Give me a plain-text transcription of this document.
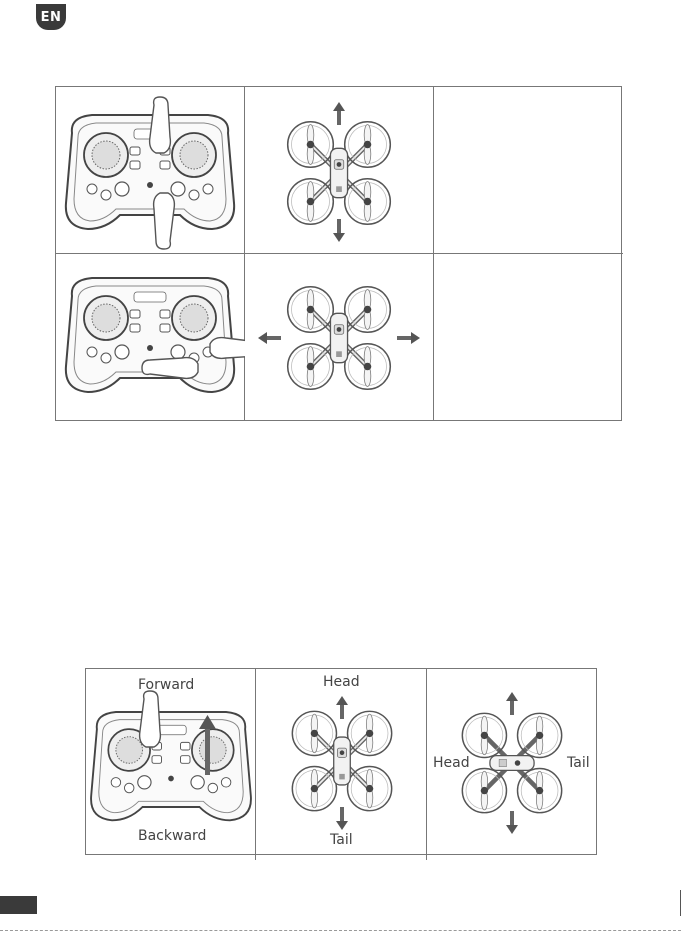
EN
Forward
Backward
Head
Tail
Head	Tail
